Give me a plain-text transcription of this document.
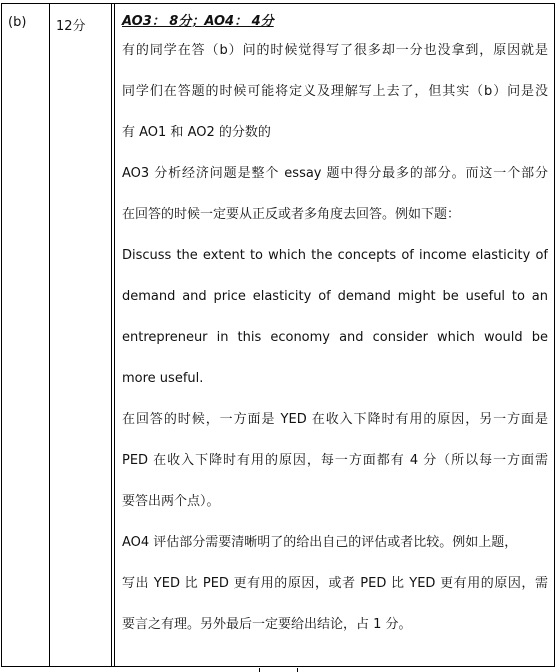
(b)	12分	AO3： 8分；AO4： 4分
有的同学在答（b）问的时候觉得写了很多却一分也没拿到，原因就是
同学们在答题的时候可能将定义及理解写上去了，但其实（b）问是没
有 AO1 和 AO2 的分数的
AO3 分析经济问题是整个 essay 题中得分最多的部分。而这一个部分
在回答的时候一定要从正反或者多角度去回答。例如下题：
Discuss the extent to which the concepts of income elasticity of
demand and price elasticity of demand might be useful to an
entrepreneur in this economy and consider which would be
more useful.
在回答的时候，一方面是 YED 在收入下降时有用的原因，另一方面是
PED 在收入下降时有用的原因，每一方面都有 4 分（所以每一方面需
要答出两个点）。
AO4 评估部分需要清晰明了的给出自己的评估或者比较。例如上题，
写出 YED 比 PED 更有用的原因，或者 PED 比 YED 更有用的原因，需
要言之有理。另外最后一定要给出结论，占 1 分。
